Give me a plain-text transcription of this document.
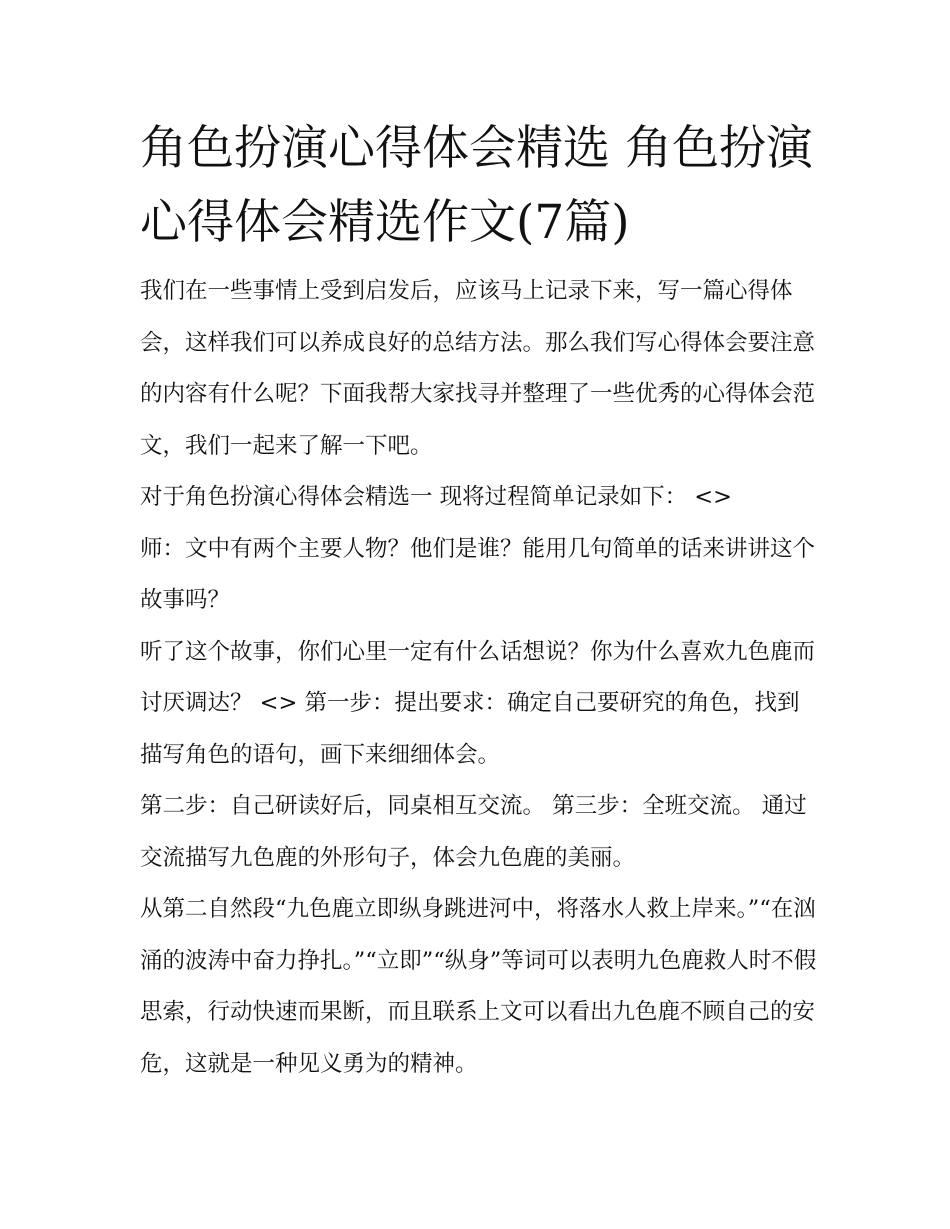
角色扮演心得体会精选 角色扮演心得体会精选作文(7篇)

我们在一些事情上受到启发后，应该马上记录下来，写一篇心得体会，这样我们可以养成良好的总结方法。那么我们写心得体会要注意的内容有什么呢？下面我帮大家找寻并整理了一些优秀的心得体会范文，我们一起来了解一下吧。

对于角色扮演心得体会精选一 现将过程简单记录如下： <>

师：文中有两个主要人物？他们是谁？能用几句简单的话来讲讲这个故事吗？

听了这个故事，你们心里一定有什么话想说？你为什么喜欢九色鹿而讨厌调达？ <> 第一步：提出要求：确定自己要研究的角色，找到描写角色的语句，画下来细细体会。

第二步：自己研读好后，同桌相互交流。 第三步：全班交流。 通过交流描写九色鹿的外形句子，体会九色鹿的美丽。

从第二自然段“九色鹿立即纵身跳进河中，将落水人救上岸来。”“在汹涌的波涛中奋力挣扎。”“立即”“纵身”等词可以表明九色鹿救人时不假思索，行动快速而果断，而且联系上文可以看出九色鹿不顾自己的安危，这就是一种见义勇为的精神。
